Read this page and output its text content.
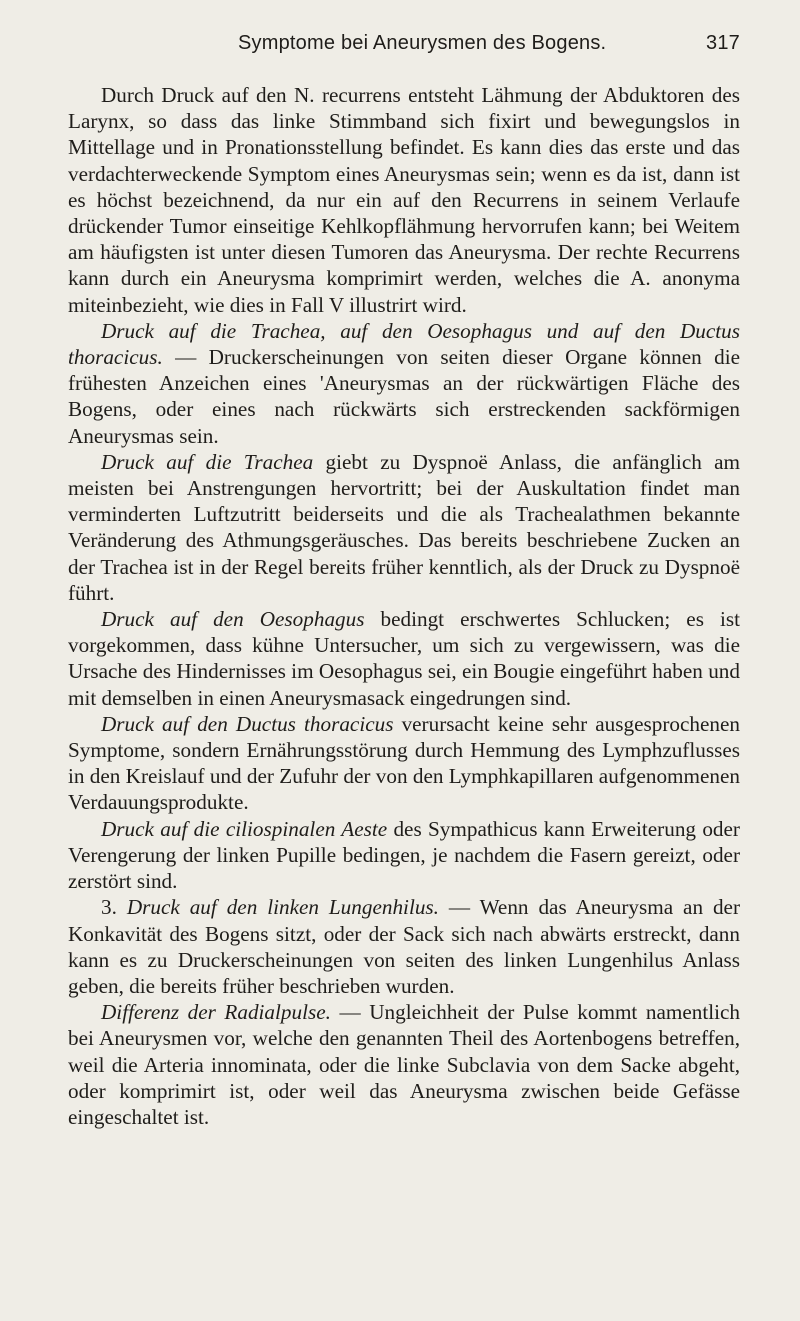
Symptome bei Aneurysmen des Bogens.	317

Durch Druck auf den N. recurrens entsteht Lähmung der Abduktoren des Larynx, so dass das linke Stimmband sich fixirt und bewegungslos in Mittellage und in Pronationsstellung befindet. Es kann dies das erste und das verdachterweckende Symptom eines Aneurysmas sein; wenn es da ist, dann ist es höchst bezeichnend, da nur ein auf den Recurrens in seinem Verlaufe drückender Tumor einseitige Kehlkopflähmung hervorrufen kann; bei Weitem am häufigsten ist unter diesen Tumoren das Aneurysma. Der rechte Recurrens kann durch ein Aneurysma komprimirt werden, welches die A. anonyma miteinbezieht, wie dies in Fall V illustrirt wird.

Druck auf die Trachea, auf den Oesophagus und auf den Ductus thoracicus. — Druckerscheinungen von seiten dieser Organe können die frühesten Anzeichen eines 'Aneurysmas an der rückwärtigen Fläche des Bogens, oder eines nach rückwärts sich erstreckenden sackförmigen Aneurysmas sein.

Druck auf die Trachea giebt zu Dyspnoë Anlass, die anfänglich am meisten bei Anstrengungen hervortritt; bei der Auskultation findet man verminderten Luftzutritt beiderseits und die als Trachealathmen bekannte Veränderung des Athmungsgeräusches. Das bereits beschriebene Zucken an der Trachea ist in der Regel bereits früher kenntlich, als der Druck zu Dyspnoë führt.

Druck auf den Oesophagus bedingt erschwertes Schlucken; es ist vorgekommen, dass kühne Untersucher, um sich zu vergewissern, was die Ursache des Hindernisses im Oesophagus sei, ein Bougie eingeführt haben und mit demselben in einen Aneurysmasack eingedrungen sind.

Druck auf den Ductus thoracicus verursacht keine sehr ausgesprochenen Symptome, sondern Ernährungsstörung durch Hemmung des Lymphzuflusses in den Kreislauf und der Zufuhr der von den Lymphkapillaren aufgenommenen Verdauungsprodukte.

Druck auf die ciliospinalen Aeste des Sympathicus kann Erweiterung oder Verengerung der linken Pupille bedingen, je nachdem die Fasern gereizt, oder zerstört sind.

3. Druck auf den linken Lungenhilus. — Wenn das Aneurysma an der Konkavität des Bogens sitzt, oder der Sack sich nach abwärts erstreckt, dann kann es zu Druckerscheinungen von seiten des linken Lungenhilus Anlass geben, die bereits früher beschrieben wurden.

Differenz der Radialpulse. — Ungleichheit der Pulse kommt namentlich bei Aneurysmen vor, welche den genannten Theil des Aortenbogens betreffen, weil die Arteria innominata, oder die linke Subclavia von dem Sacke abgeht, oder komprimirt ist, oder weil das Aneurysma zwischen beide Gefässe eingeschaltet ist.
